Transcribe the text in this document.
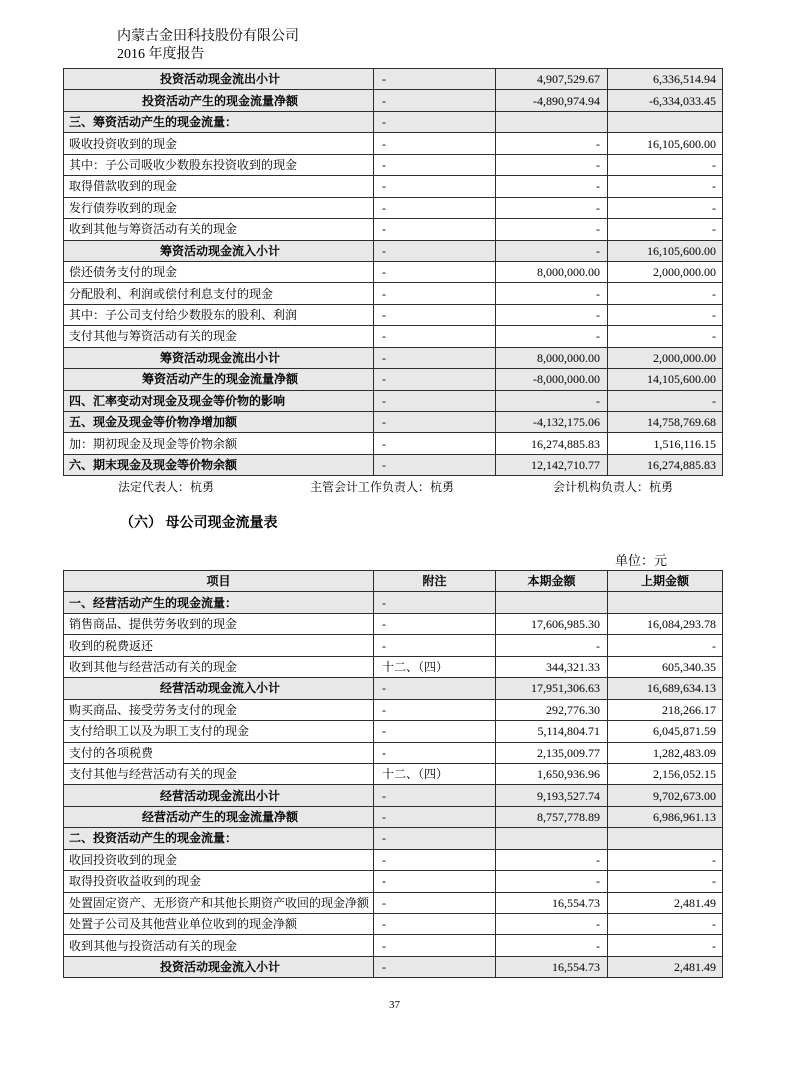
内蒙古金田科技股份有限公司
2016 年度报告
投资活动现金流出小计	-	4,907,529.67	6,336,514.94
投资活动产生的现金流量净额	-	-4,890,974.94	-6,334,033.45
三、筹资活动产生的现金流量：	-		
吸收投资收到的现金	-	-	16,105,600.00
其中：子公司吸收少数股东投资收到的现金	-	-	-
取得借款收到的现金	-	-	-
发行债券收到的现金	-	-	-
收到其他与筹资活动有关的现金	-	-	-
筹资活动现金流入小计	-	-	16,105,600.00
偿还债务支付的现金	-	8,000,000.00	2,000,000.00
分配股利、利润或偿付利息支付的现金	-	-	-
其中：子公司支付给少数股东的股利、利润	-	-	-
支付其他与筹资活动有关的现金	-	-	-
筹资活动现金流出小计	-	8,000,000.00	2,000,000.00
筹资活动产生的现金流量净额	-	-8,000,000.00	14,105,600.00
四、汇率变动对现金及现金等价物的影响	-	-	-
五、现金及现金等价物净增加额	-	-4,132,175.06	14,758,769.68
加：期初现金及现金等价物余额	-	16,274,885.83	1,516,116.15
六、期末现金及现金等价物余额	-	12,142,710.77	16,274,885.83
法定代表人：杭勇	主管会计工作负责人：杭勇	会计机构负责人：杭勇
（六） 母公司现金流量表
单位：元
项目	附注	本期金额	上期金额
一、经营活动产生的现金流量：	-		
销售商品、提供劳务收到的现金	-	17,606,985.30	16,084,293.78
收到的税费返还	-	-	-
收到其他与经营活动有关的现金	十二、（四）	344,321.33	605,340.35
经营活动现金流入小计	-	17,951,306.63	16,689,634.13
购买商品、接受劳务支付的现金	-	292,776.30	218,266.17
支付给职工以及为职工支付的现金	-	5,114,804.71	6,045,871.59
支付的各项税费	-	2,135,009.77	1,282,483.09
支付其他与经营活动有关的现金	十二、（四）	1,650,936.96	2,156,052.15
经营活动现金流出小计	-	9,193,527.74	9,702,673.00
经营活动产生的现金流量净额	-	8,757,778.89	6,986,961.13
二、投资活动产生的现金流量：	-		
收回投资收到的现金	-	-	-
取得投资收益收到的现金	-	-	-
处置固定资产、无形资产和其他长期资产收回的现金净额	-	16,554.73	2,481.49
处置子公司及其他营业单位收到的现金净额	-	-	-
收到其他与投资活动有关的现金	-	-	-
投资活动现金流入小计	-	16,554.73	2,481.49
37
